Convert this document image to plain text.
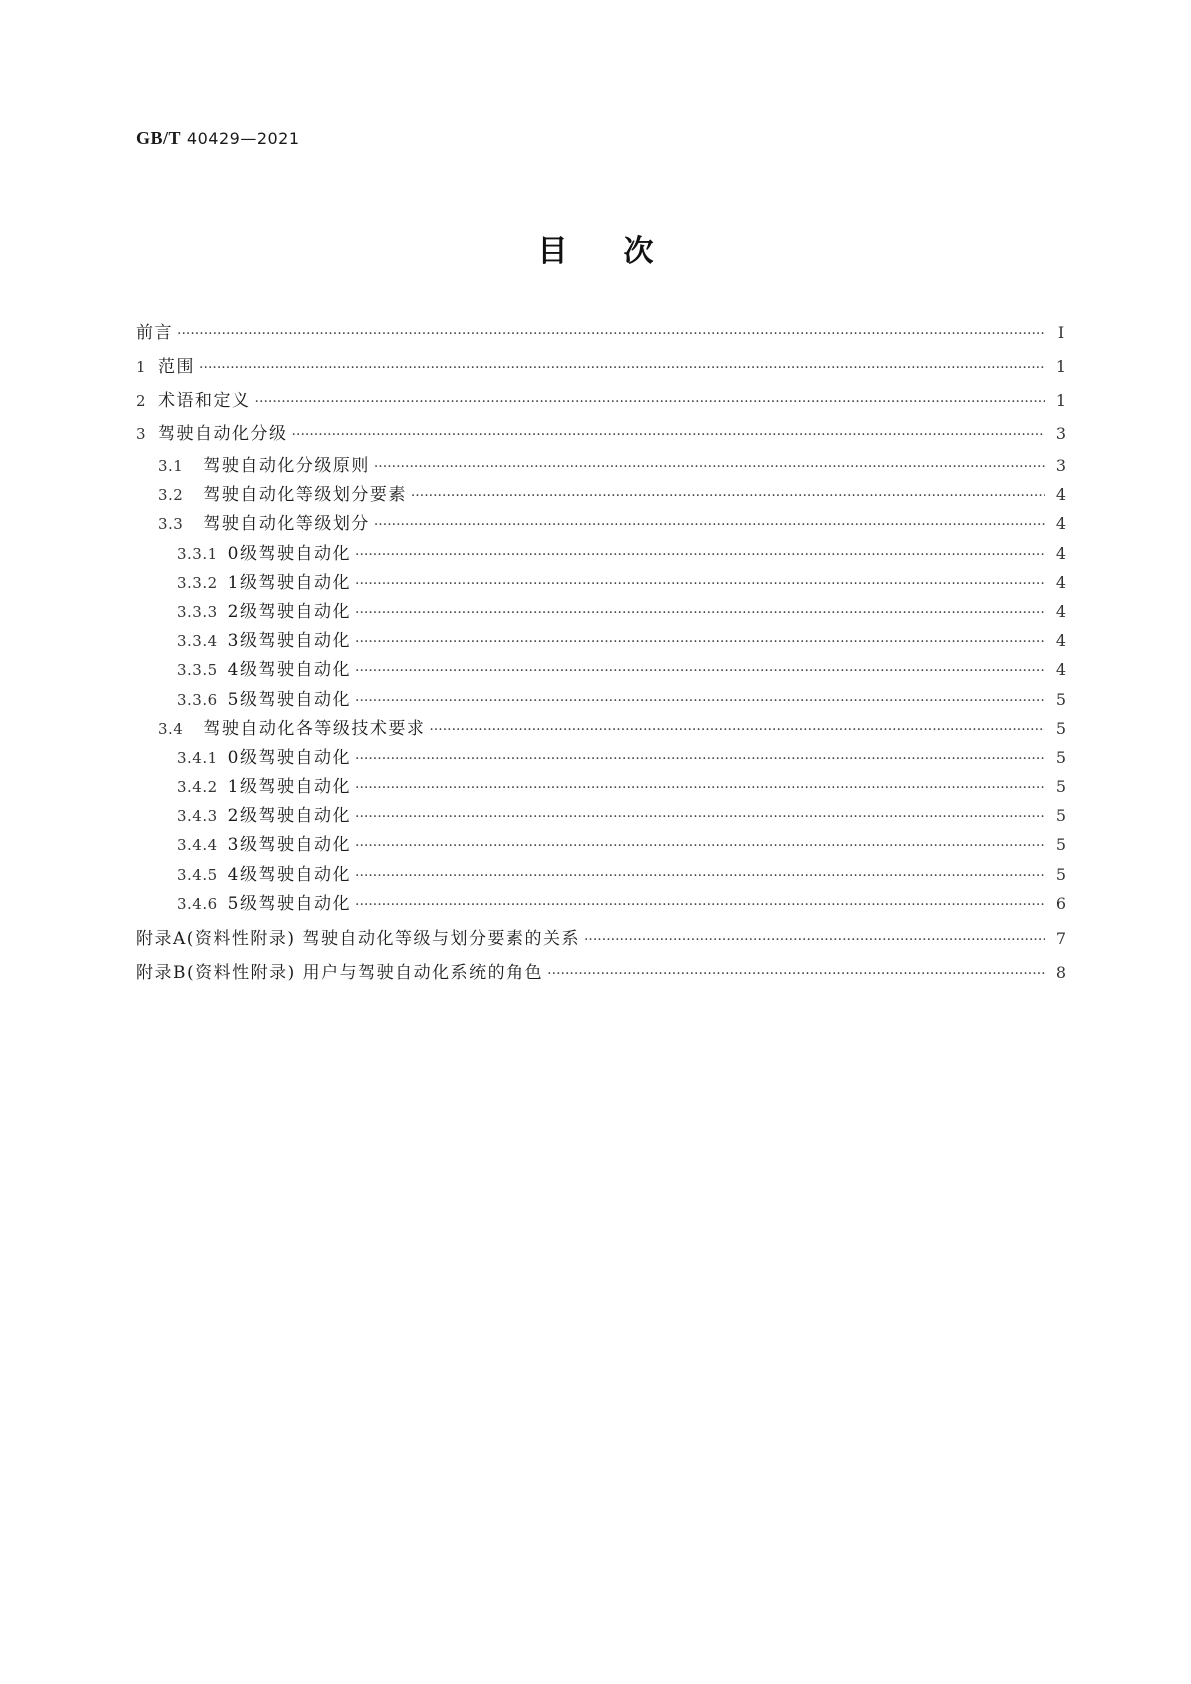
GB/T 40429—2021
目次
前言 ·····	Ⅰ
1 范围 ·····	1
2 术语和定义 ·····	1
3 驾驶自动化分级 ·····	3
3.1 驾驶自动化分级原则 ·····	3
3.2 驾驶自动化等级划分要素 ·····	4
3.3 驾驶自动化等级划分 ·····	4
3.3.1 0级驾驶自动化 ·····	4
3.3.2 1级驾驶自动化 ·····	4
3.3.3 2级驾驶自动化 ·····	4
3.3.4 3级驾驶自动化 ·····	4
3.3.5 4级驾驶自动化 ·····	4
3.3.6 5级驾驶自动化 ·····	5
3.4 驾驶自动化各等级技术要求 ·····	5
3.4.1 0级驾驶自动化 ·····	5
3.4.2 1级驾驶自动化 ·····	5
3.4.3 2级驾驶自动化 ·····	5
3.4.4 3级驾驶自动化 ·····	5
3.4.5 4级驾驶自动化 ·····	5
3.4.6 5级驾驶自动化 ·····	6
附录A(资料性附录) 驾驶自动化等级与划分要素的关系 ·····	7
附录B(资料性附录) 用户与驾驶自动化系统的角色 ·····	8
